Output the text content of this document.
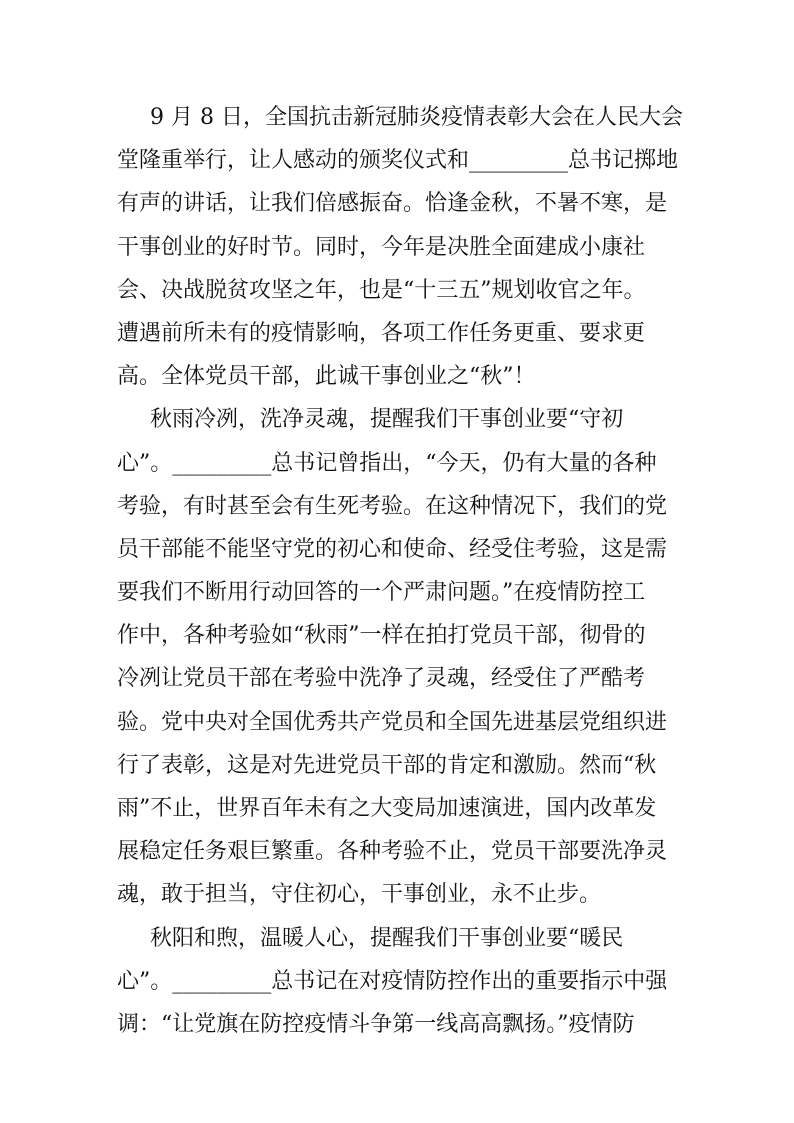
9 月 8 日，全国抗击新冠肺炎疫情表彰大会在人民大会
堂隆重举行，让人感动的颁奖仪式和_________总书记掷地
有声的讲话，让我们倍感振奋。恰逢金秋，不暑不寒，是
干事创业的好时节。同时，今年是决胜全面建成小康社
会、决战脱贫攻坚之年，也是“十三五”规划收官之年。
遭遇前所未有的疫情影响，各项工作任务更重、要求更
高。全体党员干部，此诚干事创业之“秋”！
秋雨冷冽，洗净灵魂，提醒我们干事创业要“守初
心”。_________总书记曾指出，“今天，仍有大量的各种
考验，有时甚至会有生死考验。在这种情况下，我们的党
员干部能不能坚守党的初心和使命、经受住考验，这是需
要我们不断用行动回答的一个严肃问题。”在疫情防控工
作中，各种考验如“秋雨”一样在拍打党员干部，彻骨的
冷冽让党员干部在考验中洗净了灵魂，经受住了严酷考
验。党中央对全国优秀共产党员和全国先进基层党组织进
行了表彰，这是对先进党员干部的肯定和激励。然而“秋
雨”不止，世界百年未有之大变局加速演进，国内改革发
展稳定任务艰巨繁重。各种考验不止，党员干部要洗净灵
魂，敢于担当，守住初心，干事创业，永不止步。
秋阳和煦，温暖人心，提醒我们干事创业要“暖民
心”。_________总书记在对疫情防控作出的重要指示中强
调：“让党旗在防控疫情斗争第一线高高飘扬。”疫情防
